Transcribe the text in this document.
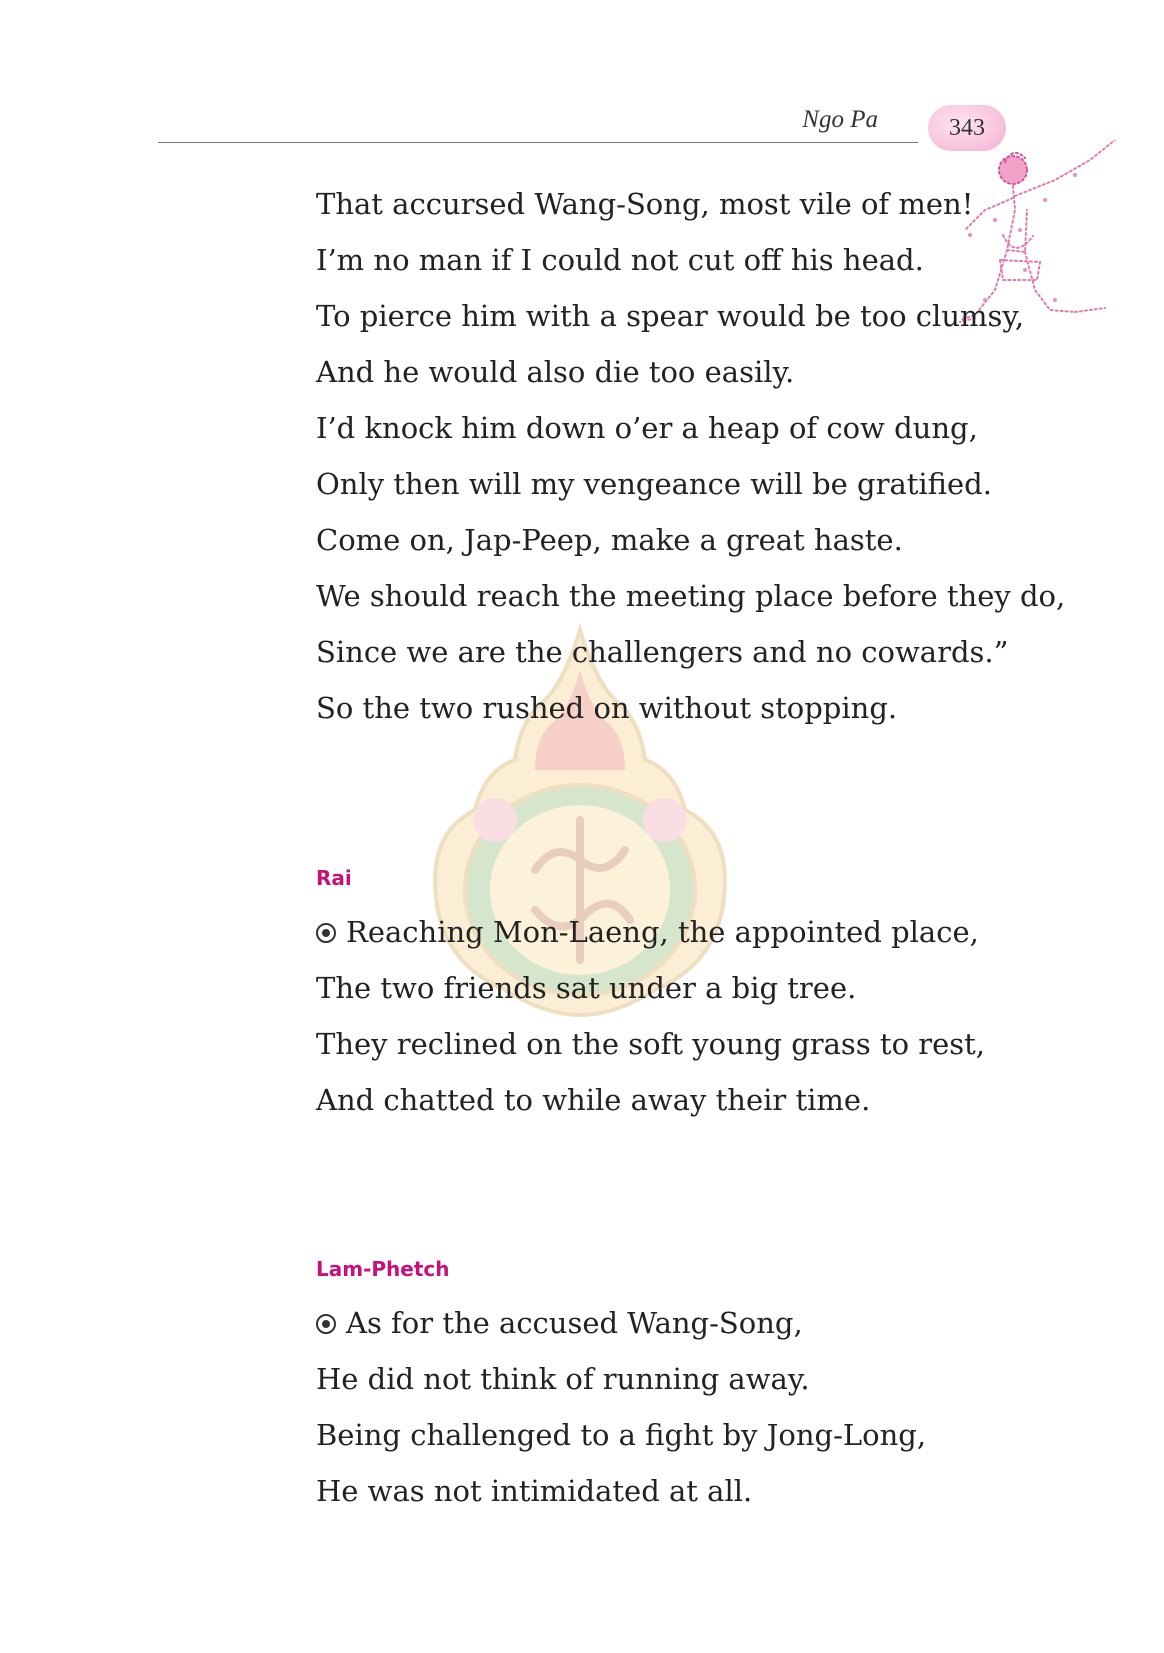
Ngo Pa	343
That accursed Wang-Song, most vile of men!
I’m no man if I could not cut off his head.
To pierce him with a spear would be too clumsy,
And he would also die too easily.
I’d knock him down o’er a heap of cow dung,
Only then will my vengeance will be gratified.
Come on, Jap-Peep, make a great haste.
We should reach the meeting place before they do,
Since we are the challengers and no cowards.”
So the two rushed on without stopping.
Rai
Reaching Mon-Laeng, the appointed place,
The two friends sat under a big tree.
They reclined on the soft young grass to rest,
And chatted to while away their time.
Lam-Phetch
As for the accused Wang-Song,
He did not think of running away.
Being challenged to a fight by Jong-Long,
He was not intimidated at all.
